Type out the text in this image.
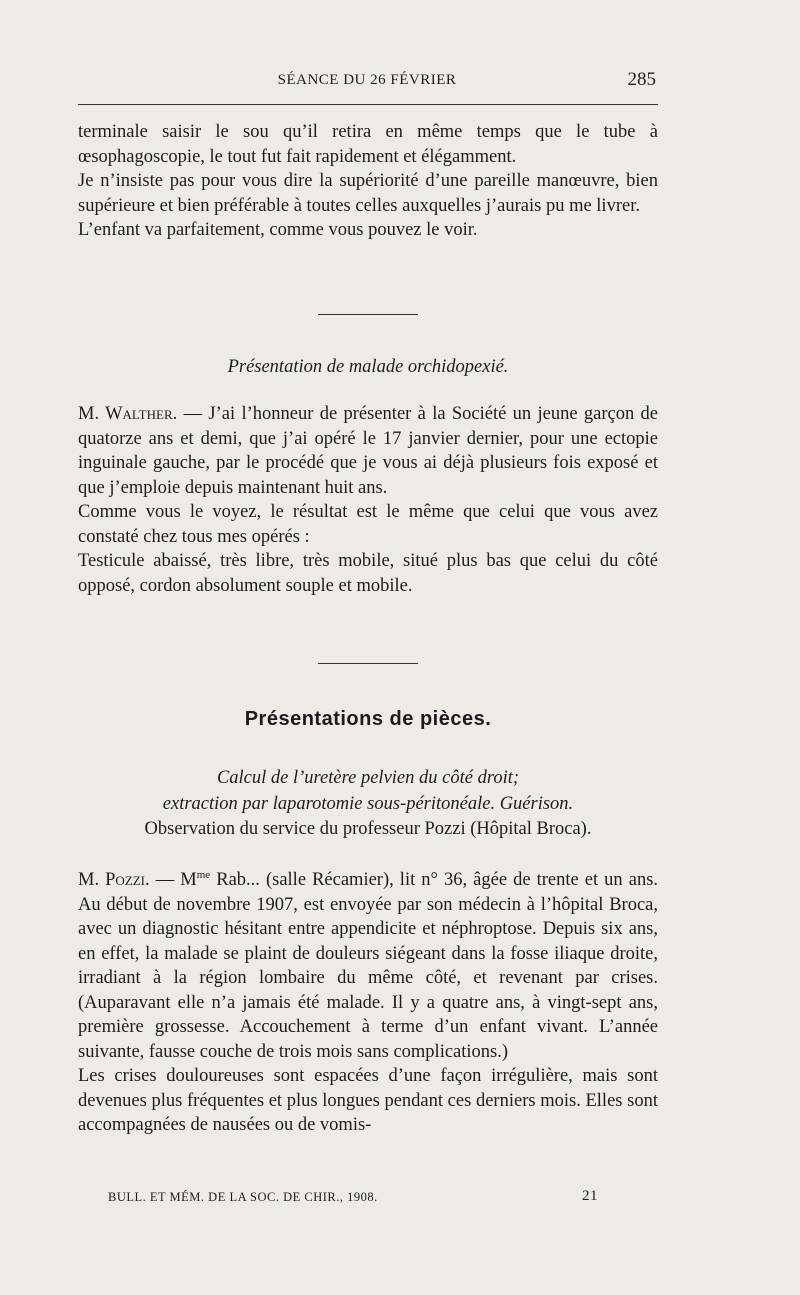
SÉANCE DU 26 FÉVRIER	285

terminale saisir le sou qu’il retira en même temps que le tube à œsophagoscopie, le tout fut fait rapidement et élégamment.

Je n’insiste pas pour vous dire la supériorité d’une pareille manœuvre, bien supérieure et bien préférable à toutes celles auxquelles j’aurais pu me livrer.

L’enfant va parfaitement, comme vous pouvez le voir.

Présentation de malade orchidopexié.

M. Walther. — J’ai l’honneur de présenter à la Société un jeune garçon de quatorze ans et demi, que j’ai opéré le 17 janvier dernier, pour une ectopie inguinale gauche, par le procédé que je vous ai déjà plusieurs fois exposé et que j’emploie depuis maintenant huit ans.

Comme vous le voyez, le résultat est le même que celui que vous avez constaté chez tous mes opérés :

Testicule abaissé, très libre, très mobile, situé plus bas que celui du côté opposé, cordon absolument souple et mobile.

Présentations de pièces.
Calcul de l’uretère pelvien du côté droit;
extraction par laparotomie sous-péritonéale. Guérison.
Observation du service du professeur Pozzi (Hôpital Broca).

M. Pozzi. — $M^{me}$ Rab... (salle Récamier), lit n° 36, âgée de trente et un ans. Au début de novembre 1907, est envoyée par son médecin à l’hôpital Broca, avec un diagnostic hésitant entre appendicite et néphroptose. Depuis six ans, en effet, la malade se plaint de douleurs siégeant dans la fosse iliaque droite, irradiant à la région lombaire du même côté, et revenant par crises. (Auparavant elle n’a jamais été malade. Il y a quatre ans, à vingt-sept ans, première grossesse. Accouchement à terme d’un enfant vivant. L’année suivante, fausse couche de trois mois sans complications.)

Les crises douloureuses sont espacées d’une façon irrégulière, mais sont devenues plus fréquentes et plus longues pendant ces derniers mois. Elles sont accompagnées de nausées ou de vomis-

BULL. ET MÉM. DE LA SOC. DE CHIR., 1908.	21
